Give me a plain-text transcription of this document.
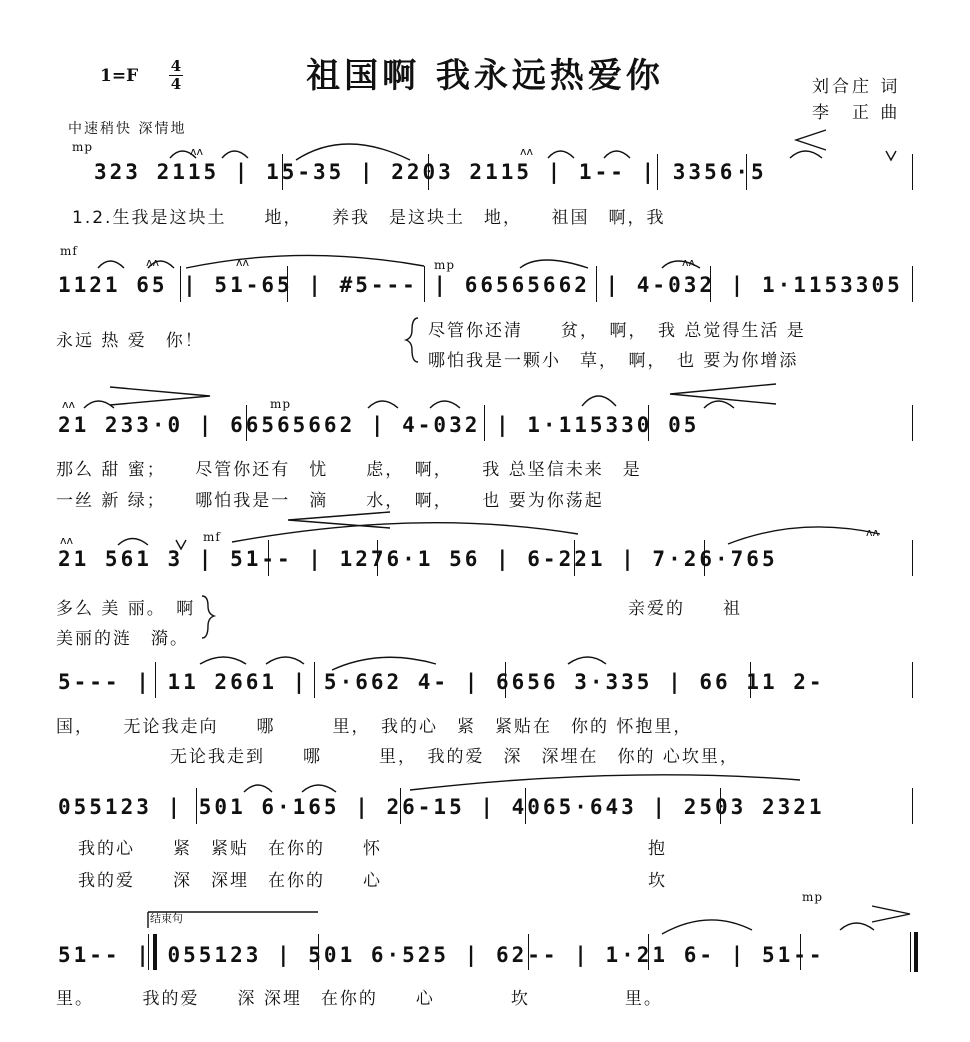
祖国啊 我永远热爱你
1=F 4
4	刘合庄 词
李　正 曲
中速稍快 深情地
mp
323 2115 | 15-35 | 2203 2115 | 1-- | 3356·5
1.2.生我是这块土　　地，　　养我　是这块土　地，　　祖国　啊，我
mf
mp
1121 65 | 51-65 | #5--- | 66565662 | 4-032 | 1·1153305
永远 热 爱　你！	尽管你还清　　贫，　啊，　我 总觉得生活 是
哪怕我是一颗小　草，　啊，　也 要为你增添
mp
21 233·0 | 66565662 | 4-032 | 1·115330 05
那么 甜 蜜；　　尽管你还有　忧　　虑，　啊，　　我 总坚信未来　是
一丝 新 绿；　　哪怕我是一　滴　　水，　啊，　　也 要为你荡起
mf
21 561 3 | 51-- | 1276·1 56 | 6-221 | 7·26·765
多么 美 丽。　啊
美丽的涟　漪。
亲爱的　　祖
5--- | 11 2661 | 5·662 4- | 6656 3·335 | 66 11 2-
国，　　无论我走向　　哪　　　里，　我的心　紧　紧贴在　你的 怀抱里，
无论我走到　　哪　　　里，　我的爱　深　深埋在　你的 心坎里，
055123 | 501 6·165 | 26-15 | 4065·643 | 2503 2321
我的心　　紧　紧贴　在你的　　怀　　　　　　　　　　　　　　抱
我的爱　　深　深埋　在你的　　心　　　　　　　　　　　　　　坎
mp
结束句
51-- | 055123 | 501 6·525 | 62-- | 1·21 6- | 51--
里。　　　我的爱　　深 深埋　在你的　　心　　　　坎　　　　　里。
ʌʌ	ʌʌ
ʌʌ	ʌʌ	ʌʌ
ʌʌ
ʌʌ
ʌʌ
